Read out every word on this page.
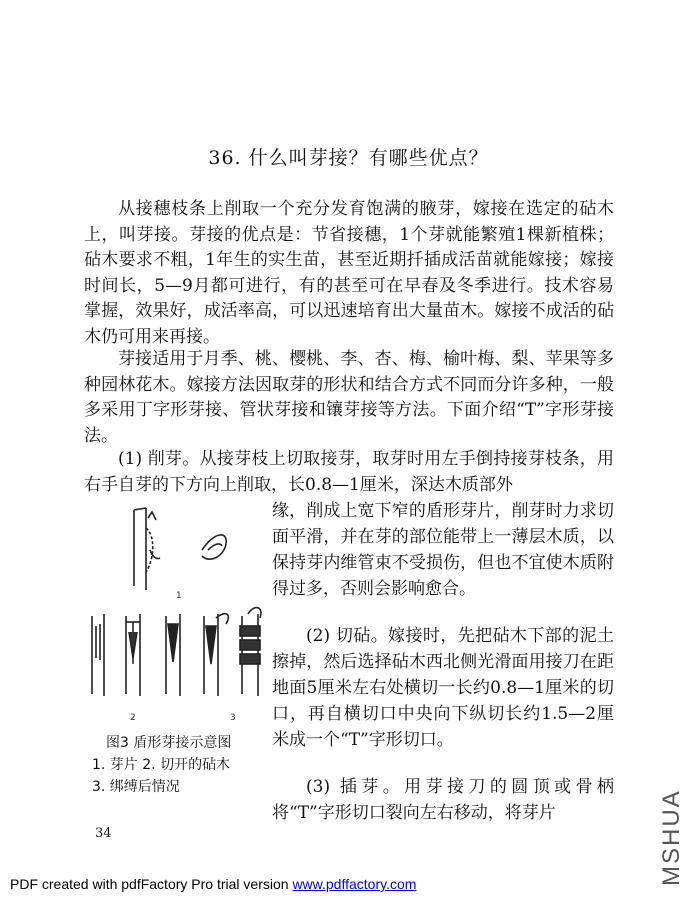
36. 什么叫芽接？有哪些优点？

从接穗枝条上削取一个充分发育饱满的腋芽，嫁接在选定的砧木上，叫芽接。芽接的优点是：节省接穗，1个芽就能繁殖1棵新植株；砧木要求不粗，1年生的实生苗，甚至近期扦插成活苗就能嫁接；嫁接时间长，5—9月都可进行，有的甚至可在早春及冬季进行。技术容易掌握，效果好，成活率高，可以迅速培育出大量苗木。嫁接不成活的砧木仍可用来再接。

芽接适用于月季、桃、樱桃、李、杏、梅、榆叶梅、梨、苹果等多种园林花木。嫁接方法因取芽的形状和结合方式不同而分许多种，一般多采用丁字形芽接、管状芽接和镶芽接等方法。下面介绍“T”字形芽接法。

(1) 削芽。从接芽枝上切取接芽，取芽时用左手倒持接芽枝条，用右手自芽的下方向上削取，长0.8—1厘米，深达木质部外

缘，削成上宽下窄的盾形芽片，削芽时力求切面平滑，并在芽的部位能带上一薄层木质，以保持芽内维管束不受损伤，但也不宜使木质附得过多，否则会影响愈合。

(2) 切砧。嫁接时，先把砧木下部的泥土擦掉，然后选择砧木西北侧光滑面用接刀在距地面5厘米左右处横切一长约0.8—1厘米的切口，再自横切口中央向下纵切长约1.5—2厘米成一个“T”字形切口。

(3) 插芽。用芽接刀的圆顶或骨柄将“T”字形切口裂向左右移动，将芽片

1
2	3
图3 盾形芽接示意图
1. 芽片 2. 切开的砧木
3. 绑缚后情况
34
PDF created with pdfFactory Pro trial version www.pdffactory.com	MSHUA
